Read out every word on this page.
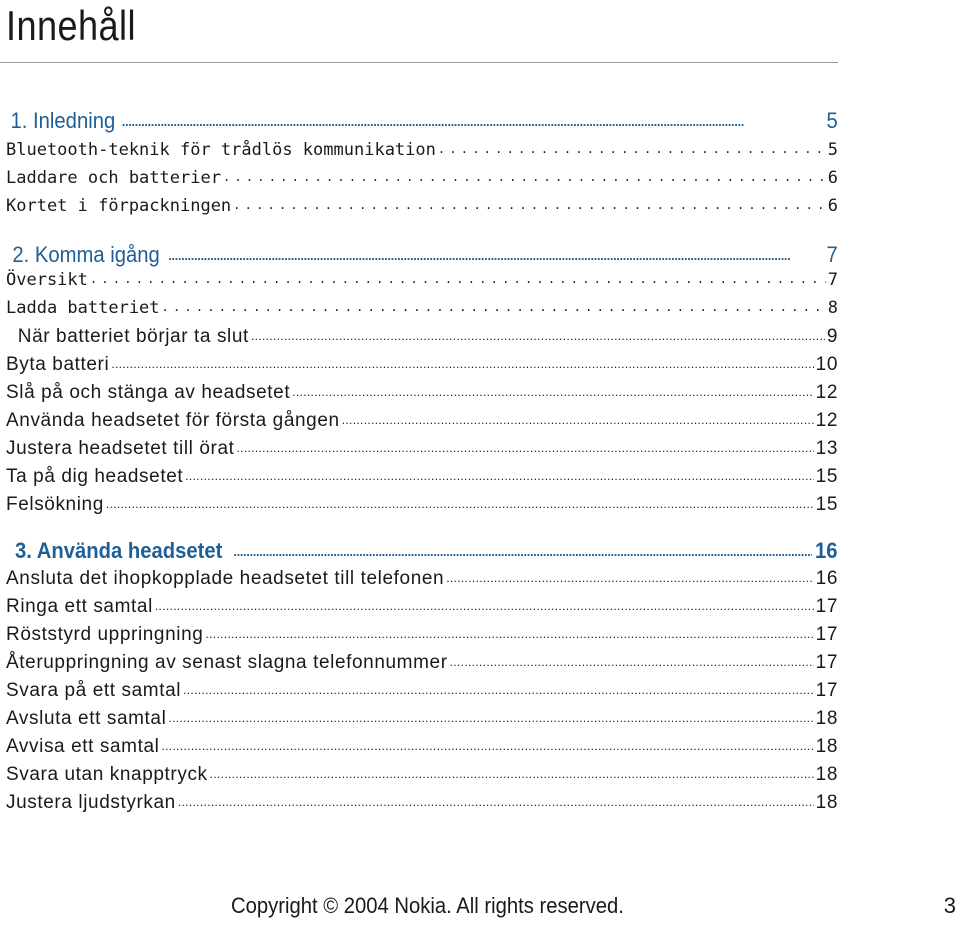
Innehåll
1. Inledning . . .	5
Bluetooth-teknik för trådlös kommunikation . . .	5
Laddare och batterier . . .	6
Kortet i förpackningen . . .	6
2. Komma igång . . .	7
Översikt . . .	7
Ladda batteriet . . .	8
När batteriet börjar ta slut . . .	9
Byta batteri . . .	10
Slå på och stänga av headsetet . . .	12
Använda headsetet för första gången . . .	12
Justera headsetet till örat . . .	13
Ta på dig headsetet . . .	15
Felsökning . . .	15
3. Använda headsetet . . .	16
Ansluta det ihopkopplade headsetet till telefonen . . .	16
Ringa ett samtal . . .	17
Röststyrd uppringning . . .	17
Återuppringning av senast slagna telefonnummer . . .	17
Svara på ett samtal . . .	17
Avsluta ett samtal . . .	18
Avvisa ett samtal . . .	18
Svara utan knapptryck . . .	18
Justera ljudstyrkan . . .	18
Copyright © 2004 Nokia. All rights reserved.	3
